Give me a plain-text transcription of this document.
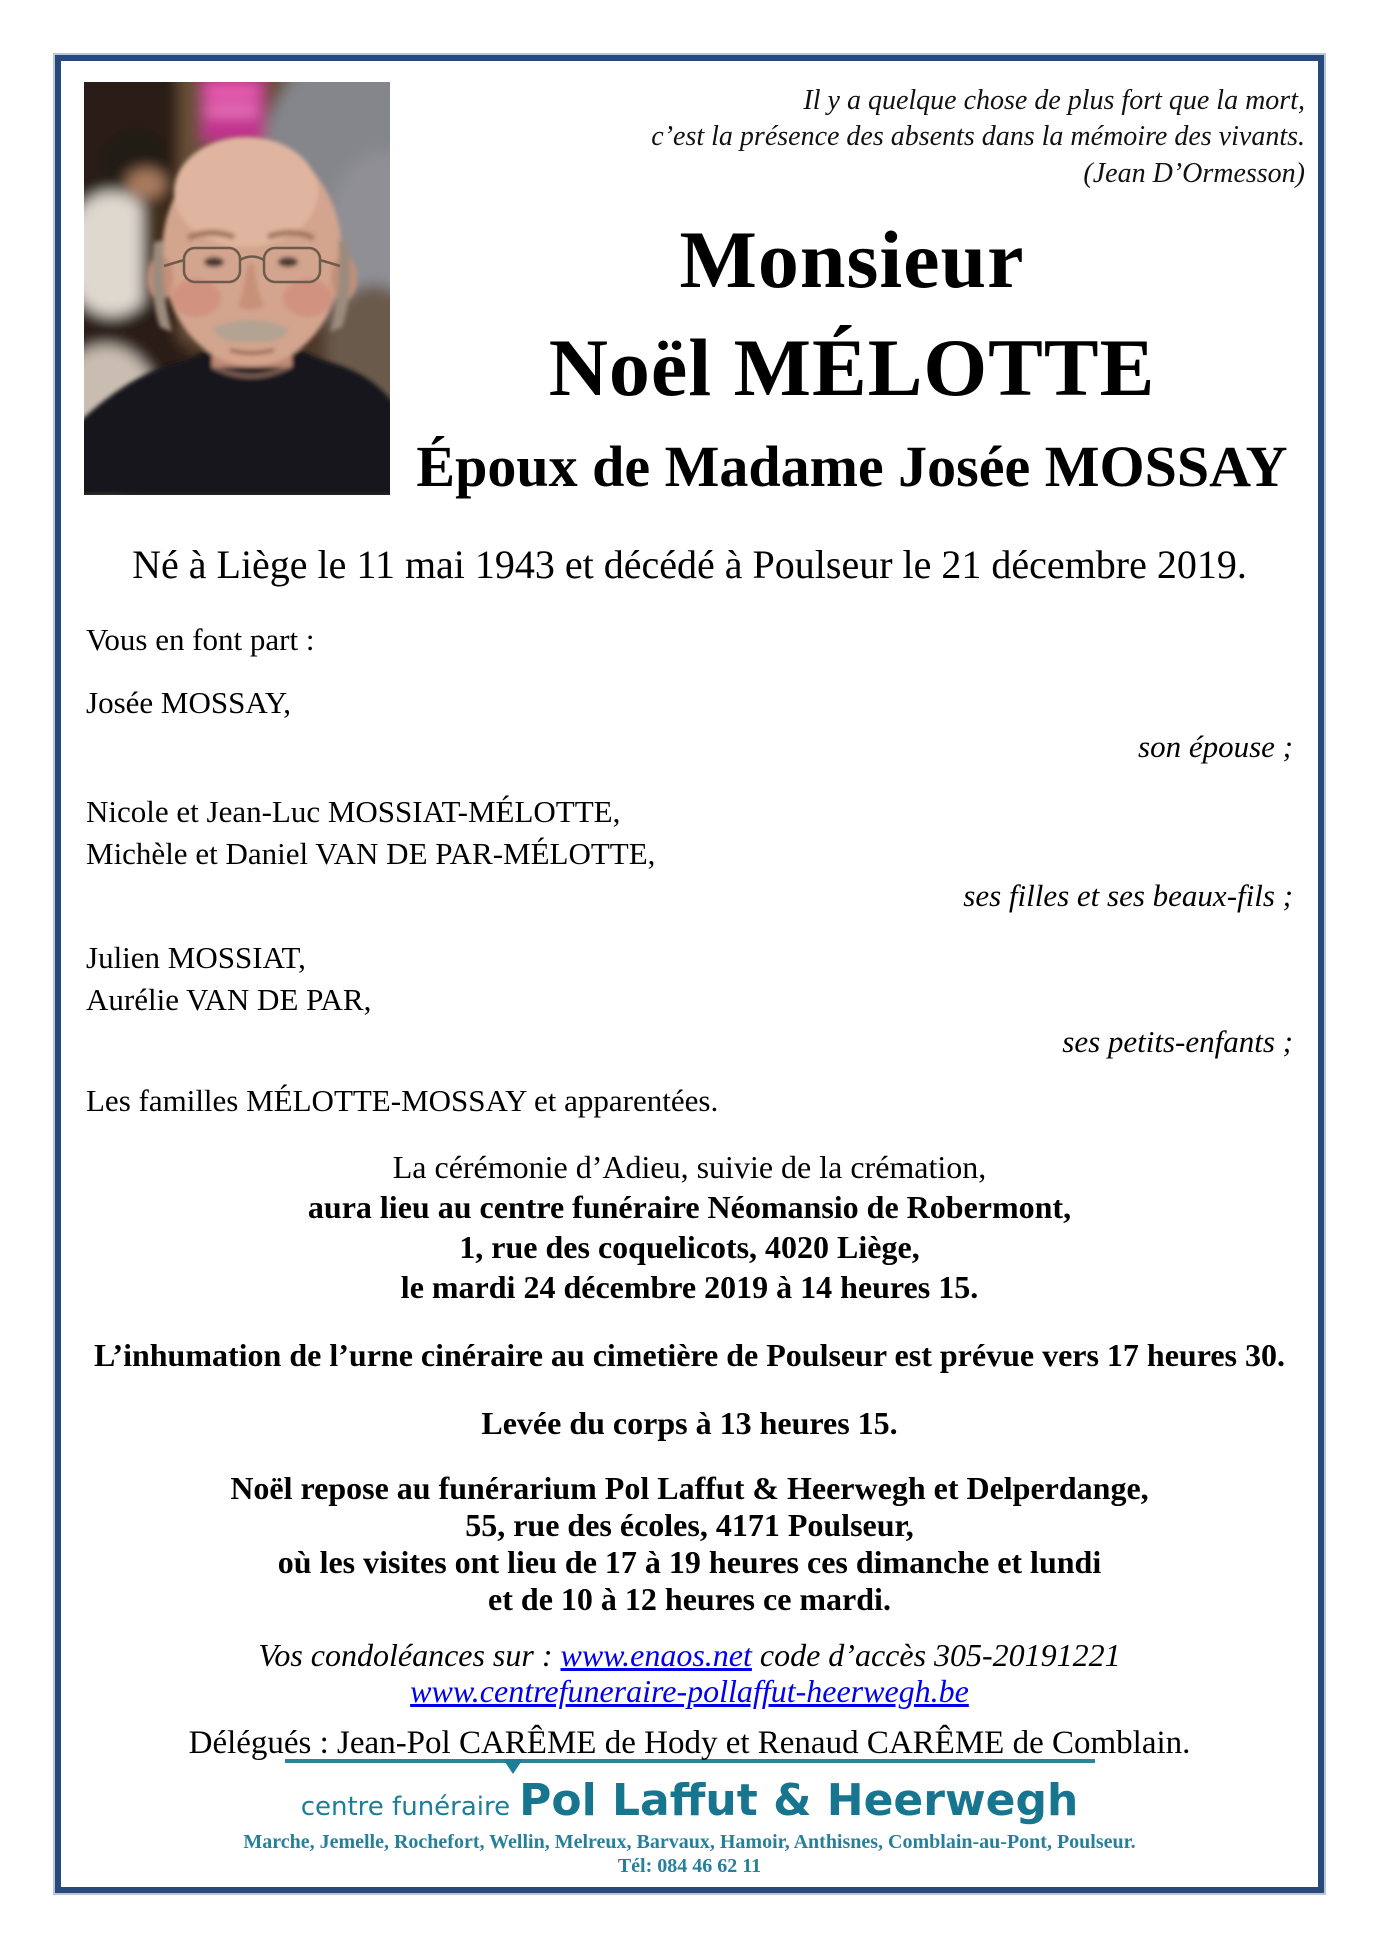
Il y a quelque chose de plus fort que la mort,
c’est la présence des absents dans la mémoire des vivants.
(Jean D’Ormesson)
Monsieur
Noël MÉLOTTE
Époux de Madame Josée MOSSAY
Né à Liège le 11 mai 1943 et décédé à Poulseur le 21 décembre 2019.
Vous en font part :
Josée MOSSAY,
son épouse ;
Nicole et Jean-Luc MOSSIAT-MÉLOTTE,
Michèle et Daniel VAN DE PAR-MÉLOTTE,
ses filles et ses beaux-fils ;
Julien MOSSIAT,
Aurélie VAN DE PAR,
ses petits-enfants ;
Les familles MÉLOTTE-MOSSAY et apparentées.
La cérémonie d’Adieu, suivie de la crémation,
aura lieu au centre funéraire Néomansio de Robermont,
1, rue des coquelicots, 4020 Liège,
le mardi 24 décembre 2019 à 14 heures 15.
L’inhumation de l’urne cinéraire au cimetière de Poulseur est prévue vers 17 heures 30.
Levée du corps à 13 heures 15.
Noël repose au funérarium Pol Laffut & Heerwegh et Delperdange,
55, rue des écoles, 4171 Poulseur,
où les visites ont lieu de 17 à 19 heures ces dimanche et lundi
et de 10 à 12 heures ce mardi.
Vos condoléances sur : www.enaos.net code d’accès 305-20191221
www.centrefuneraire-pollaffut-heerwegh.be
Délégués : Jean-Pol CARÊME de Hody et Renaud CARÊME de Comblain.
centre funéraire Pol Laffut & Heerwegh
Marche, Jemelle, Rochefort, Wellin, Melreux, Barvaux, Hamoir, Anthisnes, Comblain-au-Pont, Poulseur.
Tél: 084 46 62 11
